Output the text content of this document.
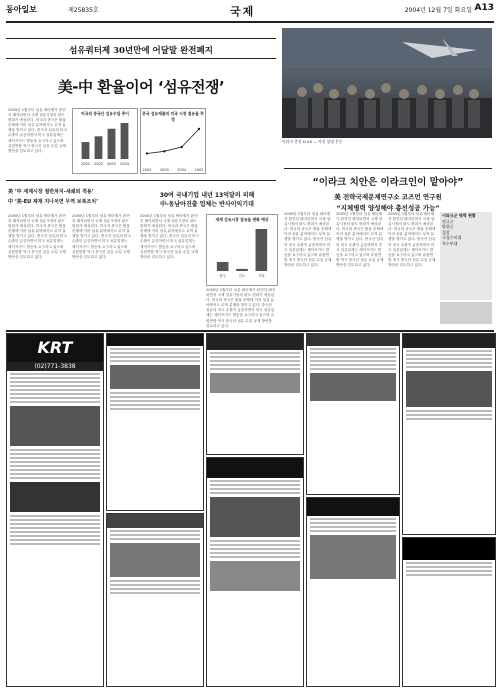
동아일보	제25835호	국제	2004년 12월 7일 화요일 A13
섬유쿼터제 30년만에 어달말 완전폐지
美-中 환율이어 ‘섬유전쟁’
2005년 1월부터 섬유 쿼터제가 완전히 폐지되면서 국제 섬유시장의 판도 변화가 예상된다. 미국과 중국은 환율 문제에 이어 섬유 분야에서도 무역 분쟁을 벌이고 있다. 중국산 섬유의 미국 수출이 급증하면서 미국 섬유업계는 세이프가드 발동을 요구하고 있으며 유럽연합 역시 중국산 섬유 수입 규제 방안을 검토하고 있다.
미국의 중국산 섬유수입 추이
2001 2002 2003 2004
중국 섬유제품의 미국 시장 점유율 추정
2002 2003 2004 2005
美 ‘中 세계시장 절반차지-새쇄퇴 적용’
中 ‘美-EU 제재 지나치면 무역 보복조치’
30여 국내기업 내년 13억달러 피해
中-동남아진출 업체는 반사이익기대
2005년 1월부터 섬유 쿼터제가 완전히 폐지되면서 국제 섬유시장의 판도 변화가 예상된다. 미국과 중국은 환율 문제에 이어 섬유 분야에서도 무역 분쟁을 벌이고 있다. 중국산 섬유의 미국 수출이 급증하면서 미국 섬유업계는 세이프가드 발동을 요구하고 있으며 유럽연합 역시 중국산 섬유 수입 규제 방안을 검토하고 있다.
2005년 1월부터 섬유 쿼터제가 완전히 폐지되면서 국제 섬유시장의 판도 변화가 예상된다. 미국과 중국은 환율 문제에 이어 섬유 분야에서도 무역 분쟁을 벌이고 있다. 중국산 섬유의 미국 수출이 급증하면서 미국 섬유업계는 세이프가드 발동을 요구하고 있으며 유럽연합 역시 중국산 섬유 수입 규제 방안을 검토하고 있다.
2005년 1월부터 섬유 쿼터제가 완전히 폐지되면서 국제 섬유시장의 판도 변화가 예상된다. 미국과 중국은 환율 문제에 이어 섬유 분야에서도 무역 분쟁을 벌이고 있다. 중국산 섬유의 미국 수출이 급증하면서 미국 섬유업계는 세이프가드 발동을 요구하고 있으며 유럽연합 역시 중국산 섬유 수입 규제 방안을 검토하고 있다.
세계 섬유시장 점유율 변화 예상
중국	인도	기타
2005년 1월부터 섬유 쿼터제가 완전히 폐지되면서 국제 섬유시장의 판도 변화가 예상된다. 미국과 중국은 환율 문제에 이어 섬유 분야에서도 무역 분쟁을 벌이고 있다. 중국산 섬유의 미국 수출이 급증하면서 미국 섬유업계는 세이프가드 발동을 요구하고 있으며 유럽연합 역시 중국산 섬유 수입 규제 방안을 검토하고 있다.
이라크 총선 D-56 — 사진 설명 본문
“이라크 치안은 이라크인이 맡아야”
美 전략국제문제연구소 코즈먼 연구원
“지체병력 양성해야 총선성공 가능”
2005년 1월부터 섬유 쿼터제가 완전히 폐지되면서 국제 섬유시장의 판도 변화가 예상된다. 미국과 중국은 환율 문제에 이어 섬유 분야에서도 무역 분쟁을 벌이고 있다. 중국산 섬유의 미국 수출이 급증하면서 미국 섬유업계는 세이프가드 발동을 요구하고 있으며 유럽연합 역시 중국산 섬유 수입 규제 방안을 검토하고 있다.
2005년 1월부터 섬유 쿼터제가 완전히 폐지되면서 국제 섬유시장의 판도 변화가 예상된다. 미국과 중국은 환율 문제에 이어 섬유 분야에서도 무역 분쟁을 벌이고 있다. 중국산 섬유의 미국 수출이 급증하면서 미국 섬유업계는 세이프가드 발동을 요구하고 있으며 유럽연합 역시 중국산 섬유 수입 규제 방안을 검토하고 있다.
2005년 1월부터 섬유 쿼터제가 완전히 폐지되면서 국제 섬유시장의 판도 변화가 예상된다. 미국과 중국은 환율 문제에 이어 섬유 분야에서도 무역 분쟁을 벌이고 있다. 중국산 섬유의 미국 수출이 급증하면서 미국 섬유업계는 세이프가드 발동을 요구하고 있으며 유럽연합 역시 중국산 섬유 수입 규제 방안을 검토하고 있다.
이라크군 병력 현황
정규군
방위군
경찰
국경수비대
특수부대
KRT
(02)771-3838
